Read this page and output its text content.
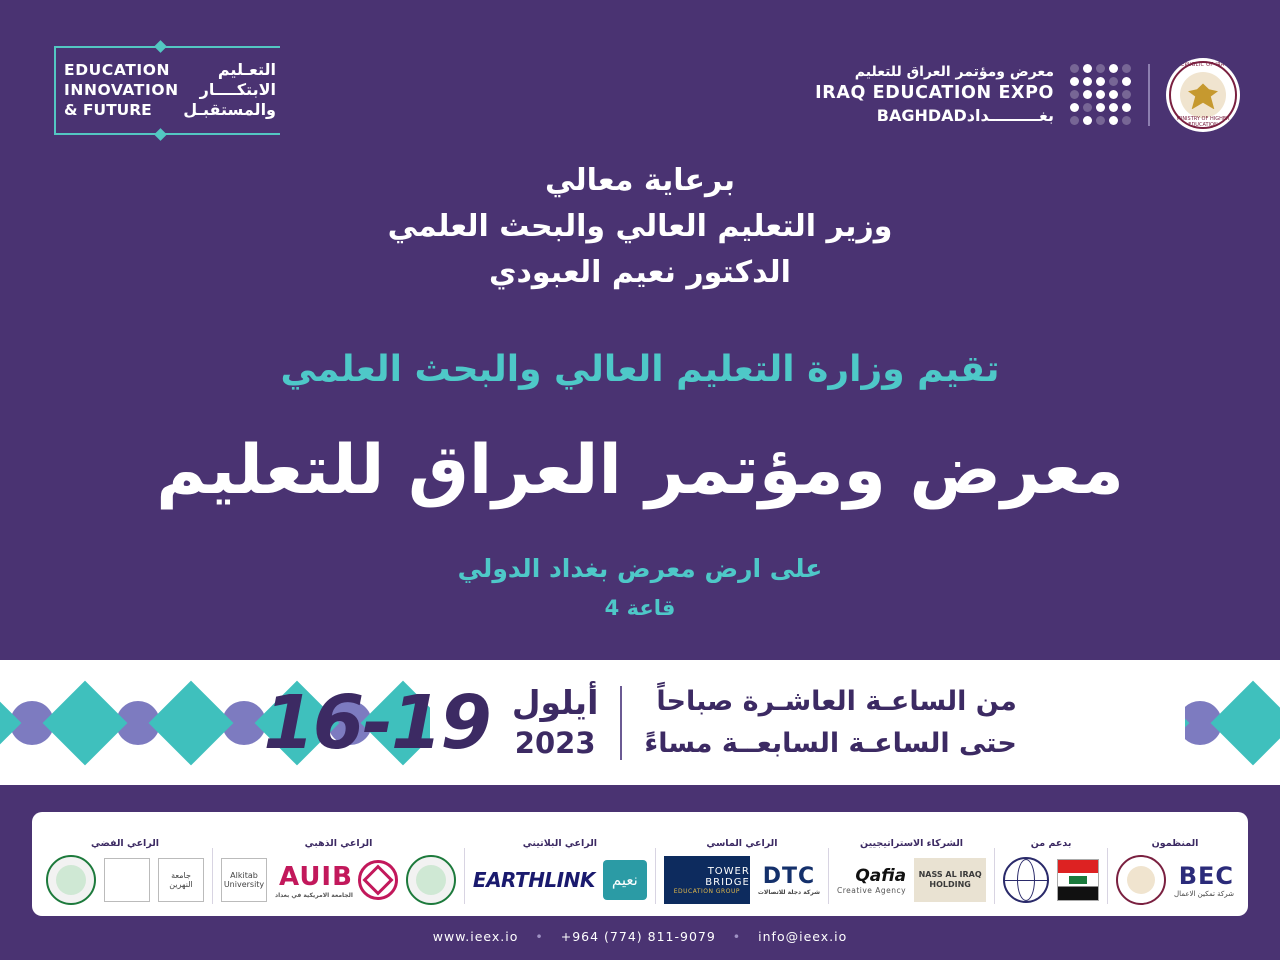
EDUCATION
INNOVATION
& FUTURE
التعـليم
الابتكــــار
والمستقبـل
معرض ومؤتمر العراق للتعليم
IRAQ EDUCATION EXPO
BAGHDAD بغـــــــــداد
REPUBLIC OF IRAQ
MINISTRY OF HIGHER EDUCATION
برعاية معالي
وزير التعليم العالي والبحث العلمي
الدكتور نعيم العبودي
تقيم وزارة التعليم العالي والبحث العلمي
معرض ومؤتمر العراق للتعليم
على ارض معرض بغداد الدولي
قاعة 4
من الساعـة العاشـرة صباحاً
حتى الساعـة السابعــة مساءً
أيلول
2023
16-19
المنظمون
BEC
شركة تمكين الاعمال
بدعم من
الشركاء الاستراتيجيين
NASS AL IRAQ
HOLDING
Qafia
Creative Agency
الراعي الماسي
DTC
شركة دجلة للاتصالات
TOWER BRIDGE
EDUCATION GROUP
الراعي البلاتيني
نعيم
EARTHLINK
الراعي الذهبي
AUIB
الجامعة الامريكية في بغداد
Alkitab University
الراعي الفضي
جامعة النهرين
www.ieex.io • +964 (774) 811-9079 • info@ieex.io
